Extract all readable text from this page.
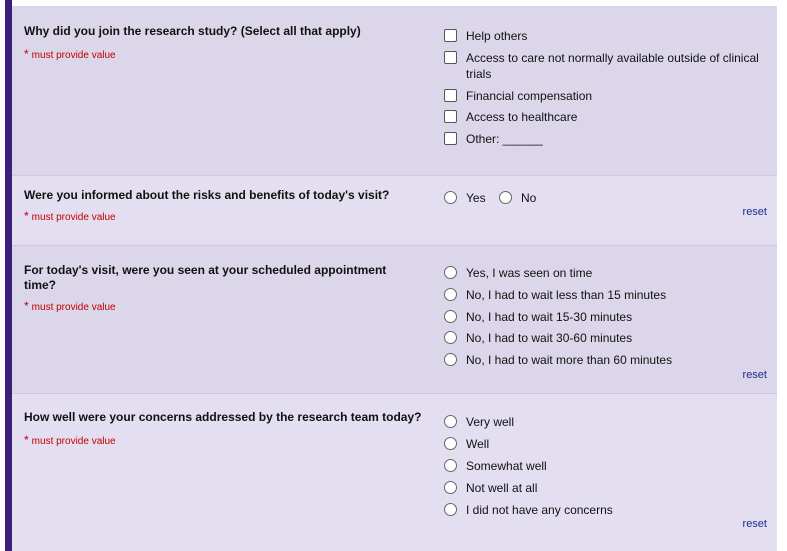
Why did you join the research study? (Select all that apply)
* must provide value
Help others
Access to care not normally available outside of clinical trials
Financial compensation
Access to healthcare
Other: ______
Were you informed about the risks and benefits of today's visit?
* must provide value
Yes	No
reset
For today's visit, were you seen at your scheduled appointment time?
* must provide value
Yes, I was seen on time
No, I had to wait less than 15 minutes
No, I had to wait 15-30 minutes
No, I had to wait 30-60 minutes
No, I had to wait more than 60 minutes
reset
How well were your concerns addressed by the research team today?
* must provide value
Very well
Well
Somewhat well
Not well at all
I did not have any concerns
reset
